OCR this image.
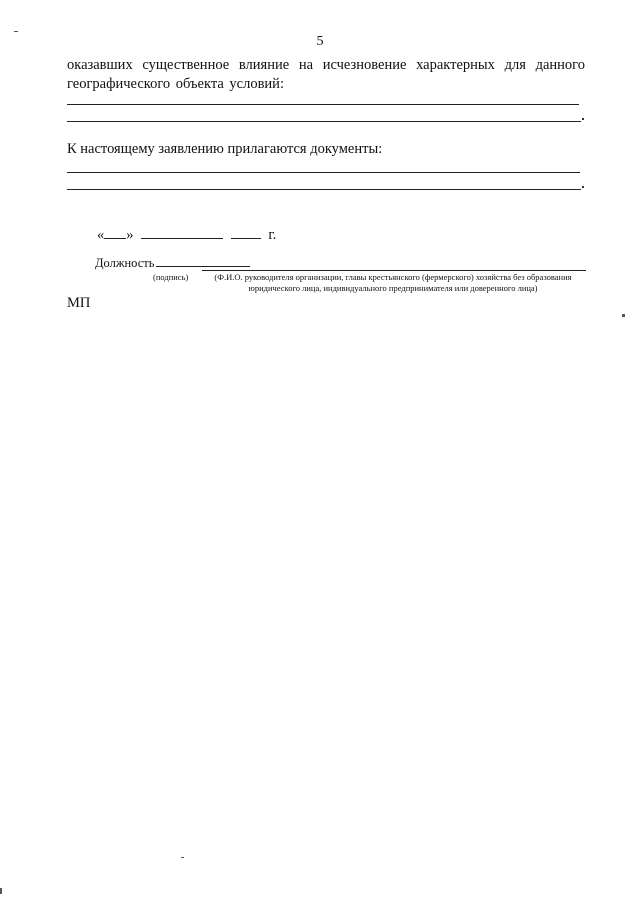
5
оказавших существенное влияние на исчезновение характерных для данного
географического объекта условий:
К настоящему заявлению прилагаются документы:
« »	г.
Должность
(подпись)	(Ф.И.О. руководителя организации, главы крестьянского (фермерского) хозяйства без образования юридического лица, индивидуального предпринимателя или доверенного лица)
МП
